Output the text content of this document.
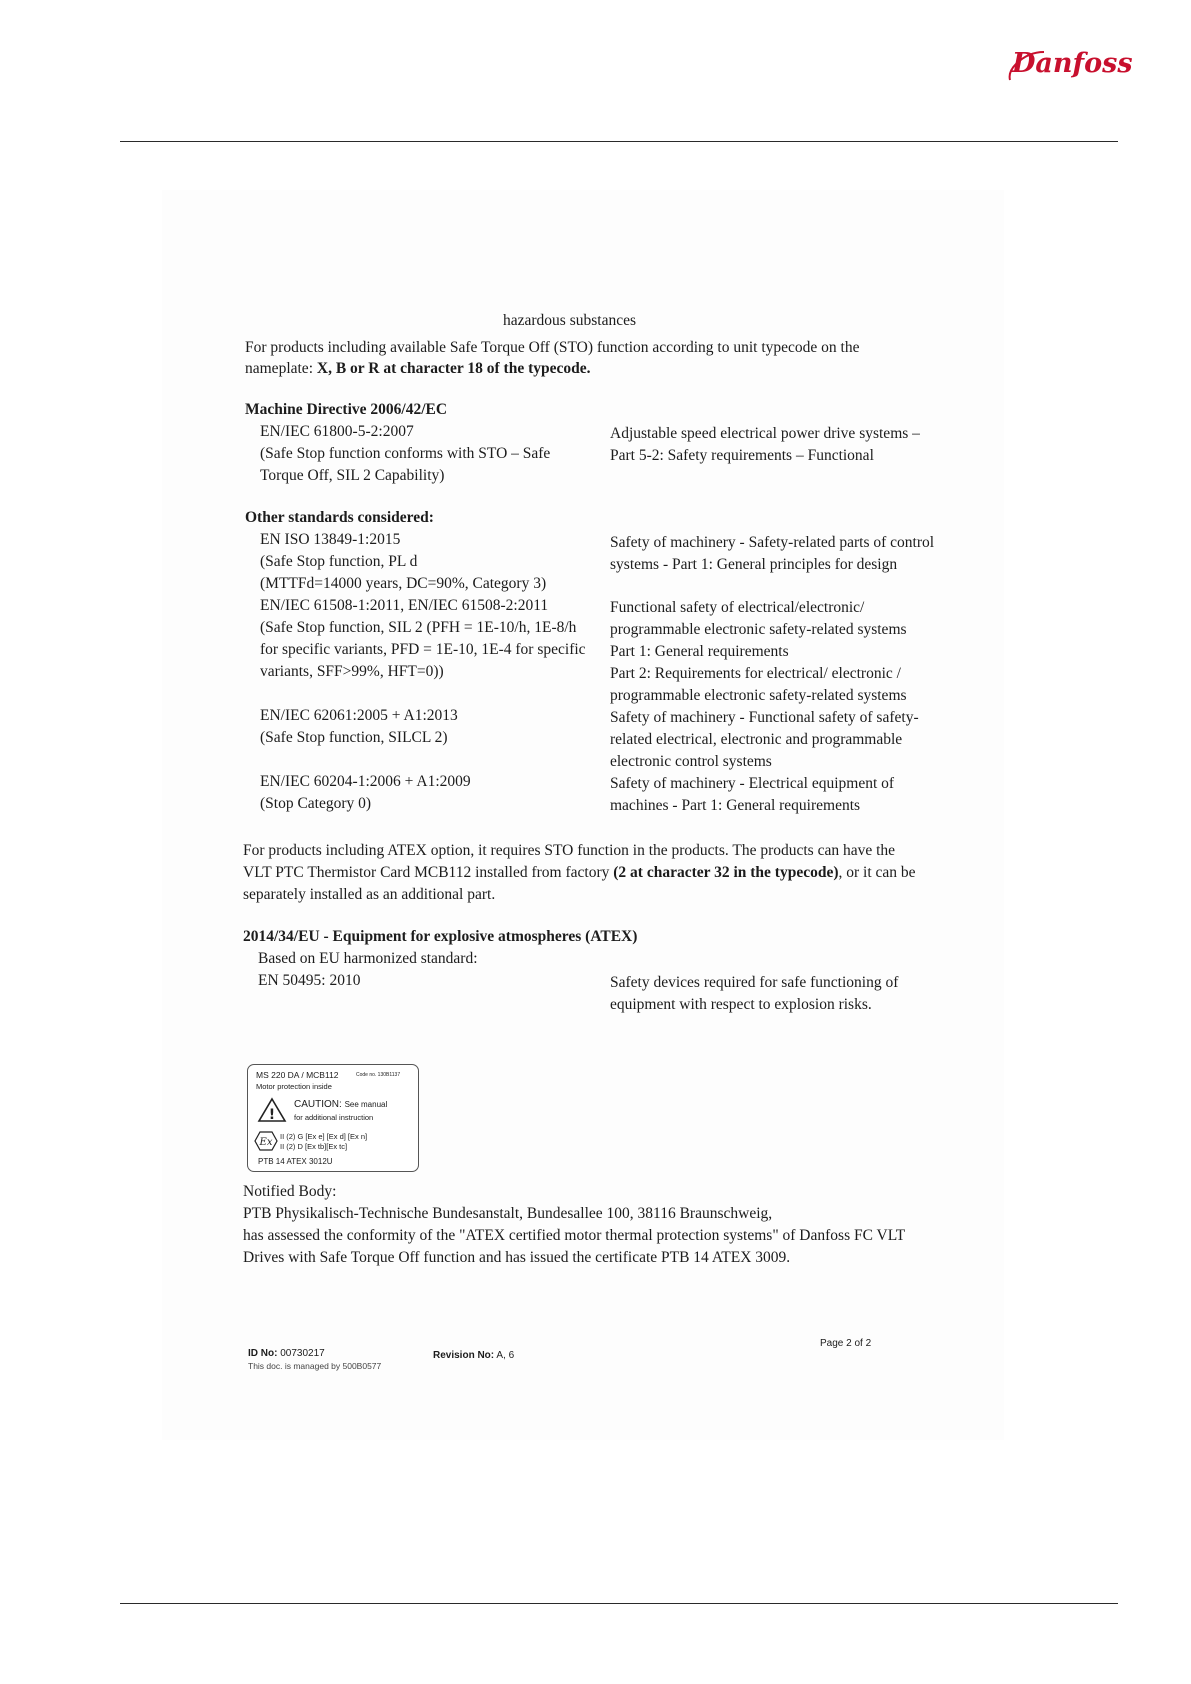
Danfoss
hazardous substances
For products including available Safe Torque Off (STO) function according to unit typecode on the
nameplate: X, B or R at character 18 of the typecode.
Machine Directive 2006/42/EC
EN/IEC 61800-5-2:2007
(Safe Stop function conforms with STO – Safe
Torque Off, SIL 2 Capability)
Adjustable speed electrical power drive systems –
Part 5-2: Safety requirements – Functional
Other standards considered:
EN ISO 13849-1:2015
(Safe Stop function, PL d
(MTTFd=14000 years, DC=90%, Category 3)
EN/IEC 61508-1:2011, EN/IEC 61508-2:2011
(Safe Stop function, SIL 2 (PFH = 1E-10/h, 1E-8/h
for specific variants, PFD = 1E-10, 1E-4 for specific
variants, SFF>99%, HFT=0))
EN/IEC 62061:2005 + A1:2013
(Safe Stop function, SILCL 2)
EN/IEC 60204-1:2006 + A1:2009
(Stop Category 0)
Safety of machinery - Safety-related parts of control
systems - Part 1: General principles for design
Functional safety of electrical/electronic/
programmable electronic safety-related systems
Part 1: General requirements
Part 2: Requirements for electrical/ electronic /
programmable electronic safety-related systems
Safety of machinery - Functional safety of safety-
related electrical, electronic and programmable
electronic control systems
Safety of machinery - Electrical equipment of
machines - Part 1: General requirements
For products including ATEX option, it requires STO function in the products. The products can have the
VLT PTC Thermistor Card MCB112 installed from factory (2 at character 32 in the typecode), or it can be
separately installed as an additional part.
2014/34/EU - Equipment for explosive atmospheres (ATEX)
Based on EU harmonized standard:
EN 50495: 2010	Safety devices required for safe functioning of
equipment with respect to explosion risks.
MS 220 DA / MCB112	Code no. 130B1137
Motor protection inside
!
CAUTION: See manual
for additional instruction
Ex
II (2) G [Ex e] [Ex d] [Ex n]
II (2) D [Ex tb][Ex tc]
PTB 14 ATEX 3012U
Notified Body:
PTB Physikalisch-Technische Bundesanstalt, Bundesallee 100, 38116 Braunschweig,
has assessed the conformity of the "ATEX certified motor thermal protection systems" of Danfoss FC VLT
Drives with Safe Torque Off function and has issued the certificate PTB 14 ATEX 3009.
ID No: 00730217
This doc. is managed by 500B0577
Revision No: A, 6
Page 2 of 2
